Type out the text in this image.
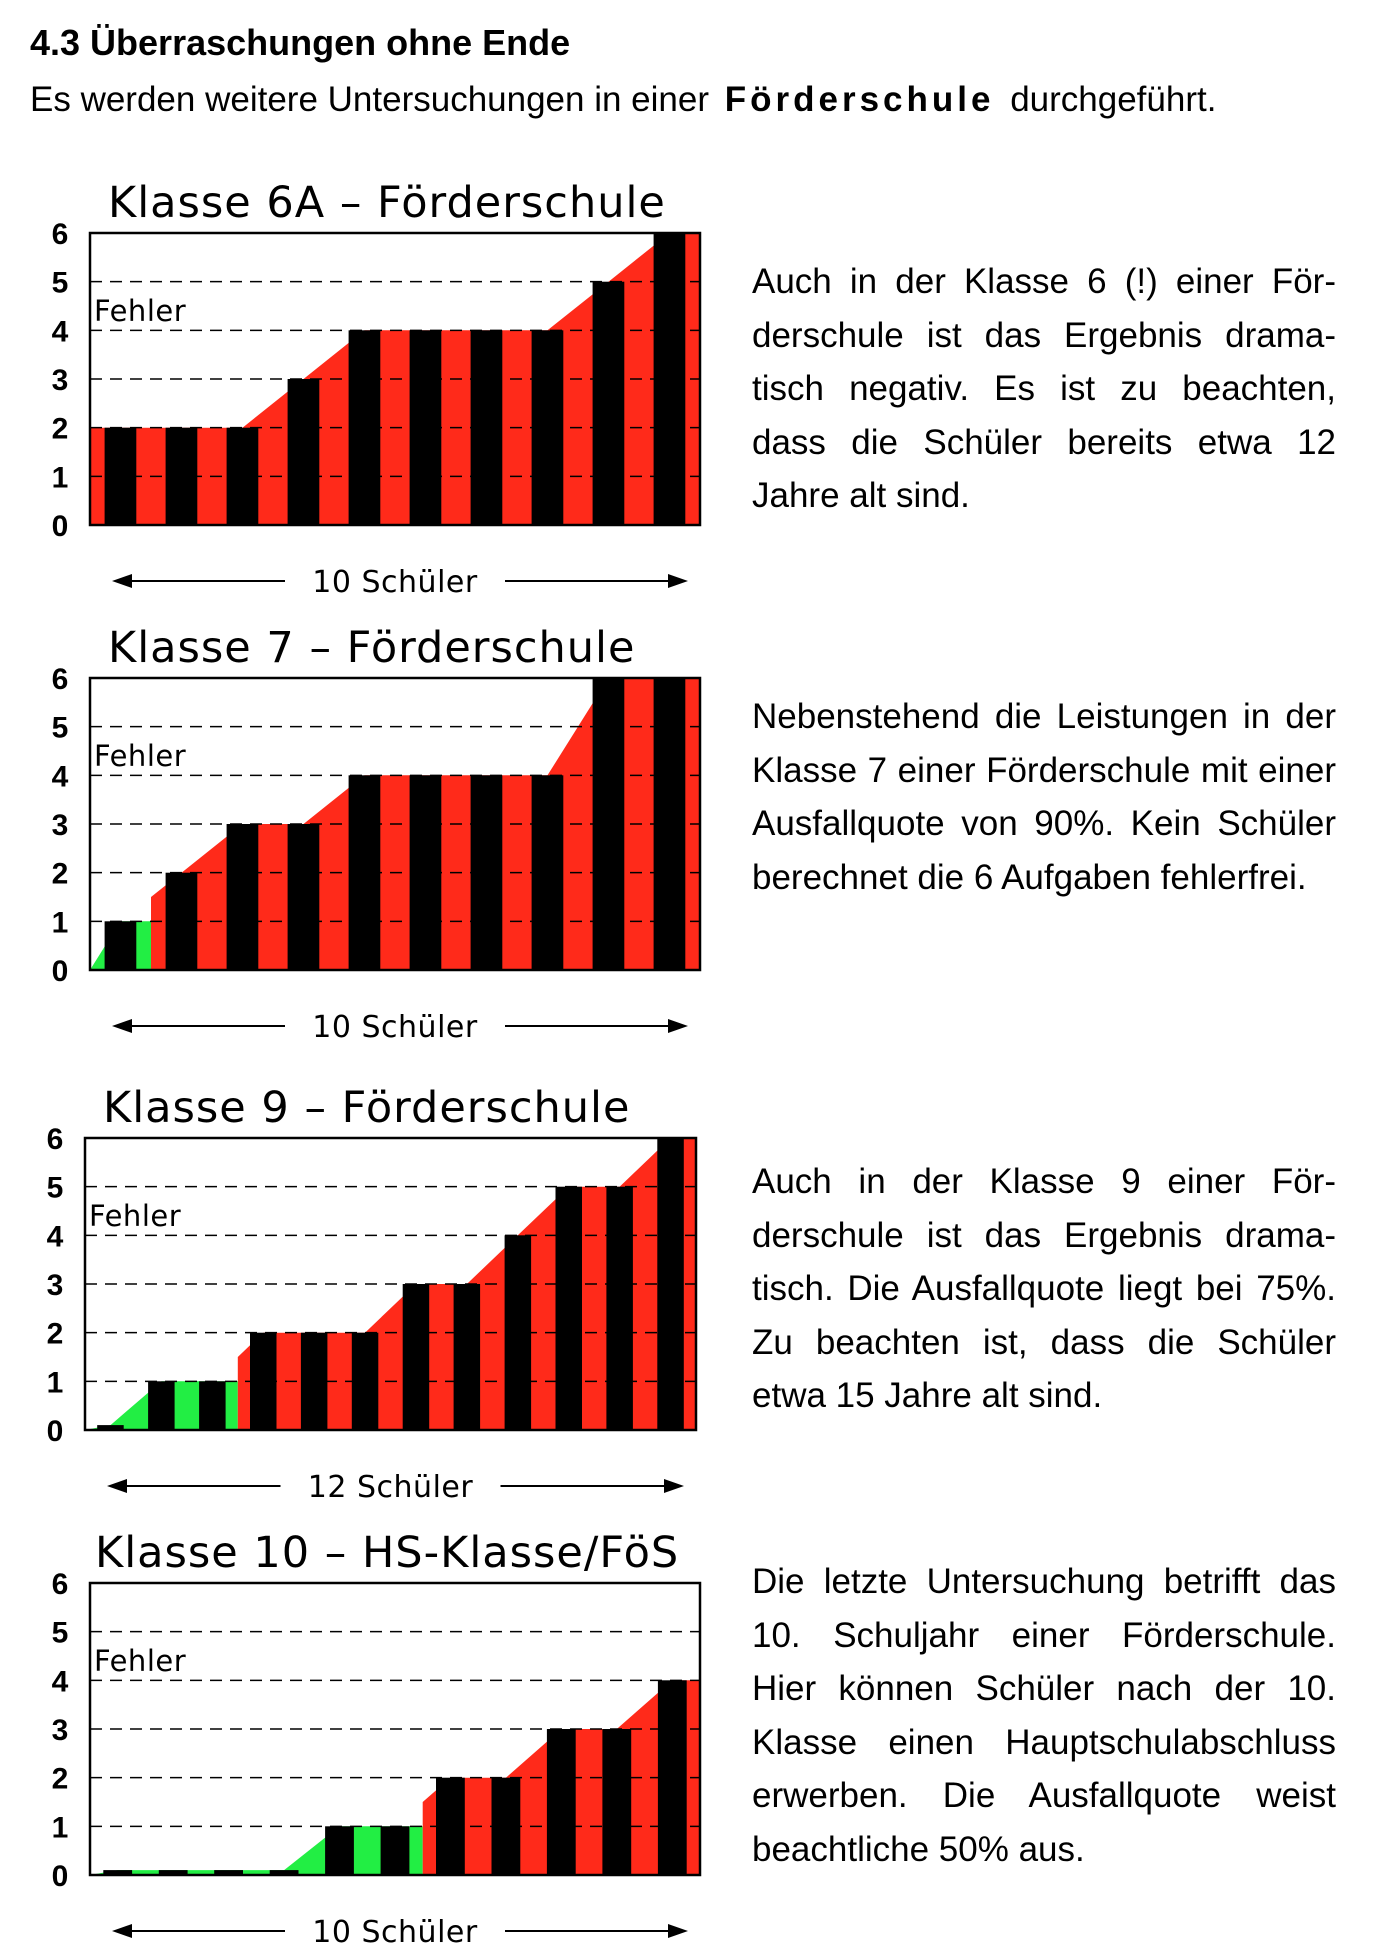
4.3 Überraschungen ohne Ende

Es werden weitere Untersuchungen in einer Förderschule durchgeführt.

Klasse 6A – Förderschule
0
1
2
3
4
5
6
Fehler
10 Schüler

Auch in der Klasse 6 (!) einer Förderschule ist das Ergebnis dramatisch negativ. Es ist zu beachten, dass die Schüler bereits etwa 12 Jahre alt sind.

Klasse 7 – Förderschule
0
1
2
3
4
5
6
Fehler
10 Schüler

Nebenstehend die Leistungen in der Klasse 7 einer Förderschule mit einer Ausfallquote von 90%. Kein Schüler berechnet die 6 Aufgaben fehlerfrei.

Klasse 9 – Förderschule
0
1
2
3
4
5
6
Fehler
12 Schüler

Auch in der Klasse 9 einer Förderschule ist das Ergebnis dramatisch. Die Ausfallquote liegt bei 75%. Zu beachten ist, dass die Schüler etwa 15 Jahre alt sind.

Klasse 10 – HS-Klasse/FöS
0
1
2
3
4
5
6
Fehler
10 Schüler

Die letzte Untersuchung betrifft das 10. Schuljahr einer Förderschule. Hier können Schüler nach der 10. Klasse einen Hauptschulabschluss erwerben. Die Ausfallquote weist beachtliche 50% aus.
